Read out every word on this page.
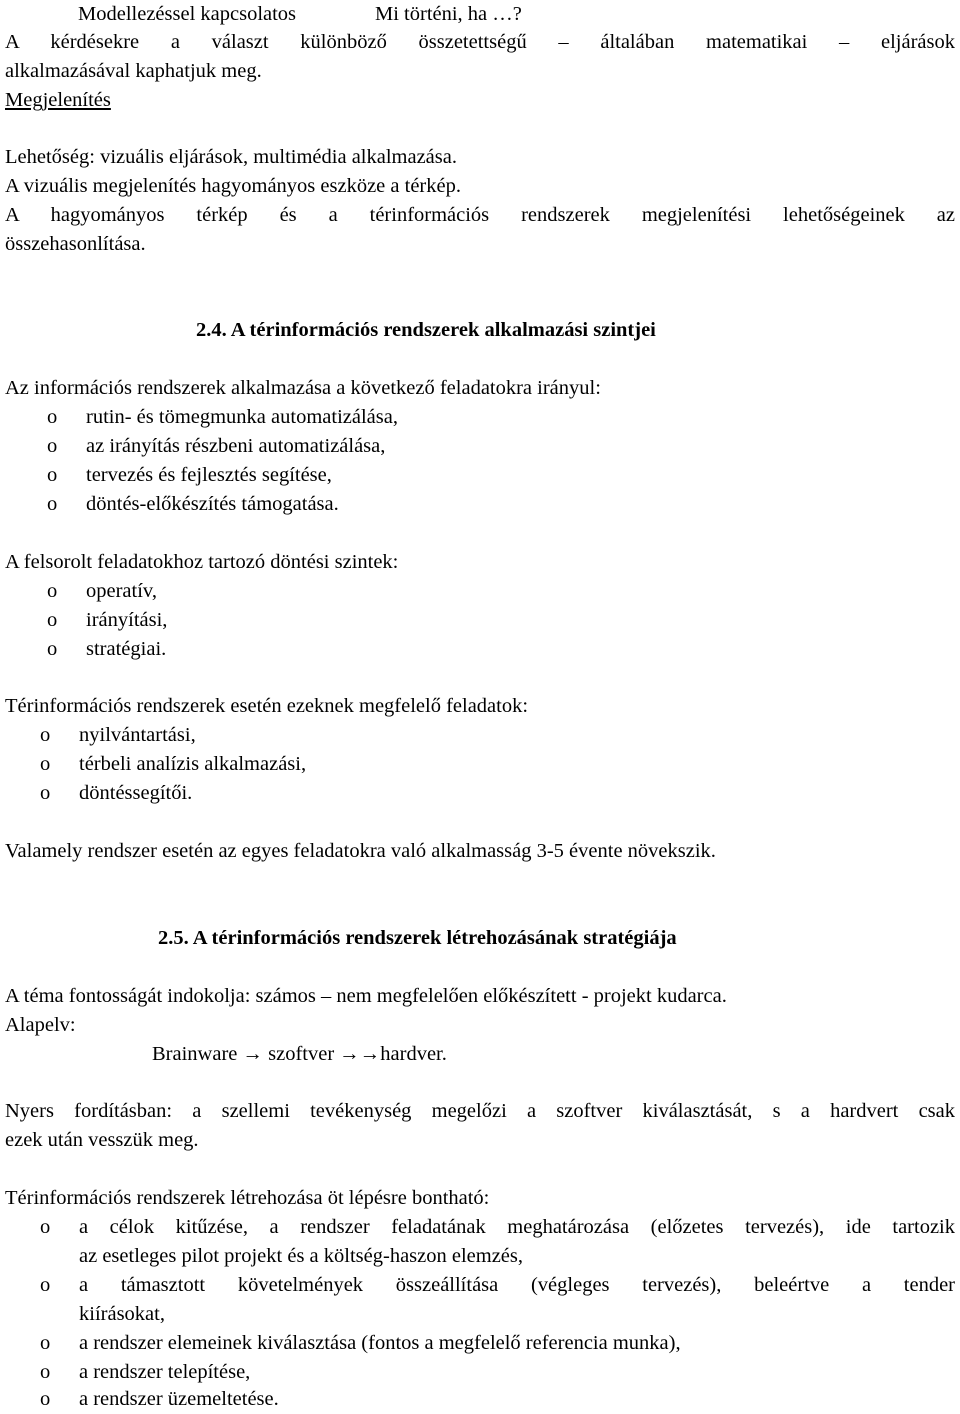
Modellezéssel kapcsolatos	Mi történi, ha …?
A kérdésekre a választ különböző összetettségű – általában matematikai – eljárások
alkalmazásával kaphatjuk meg.
Megjelenítés
Lehetőség: vizuális eljárások, multimédia alkalmazása.
A vizuális megjelenítés hagyományos eszköze a térkép.
A hagyományos térkép és a térinformációs rendszerek megjelenítési lehetőségeinek az
összehasonlítása.
2.4. A térinformációs rendszerek alkalmazási szintjei
Az információs rendszerek alkalmazása a következő feladatokra irányul:
o rutin- és tömegmunka automatizálása,
o az irányítás részbeni automatizálása,
o tervezés és fejlesztés segítése,
o döntés-előkészítés támogatása.
A felsorolt feladatokhoz tartozó döntési szintek:
o operatív,
o irányítási,
o stratégiai.
Térinformációs rendszerek esetén ezeknek megfelelő feladatok:
o nyilvántartási,
o térbeli analízis alkalmazási,
o döntéssegítői.
Valamely rendszer esetén az egyes feladatokra való alkalmasság 3-5 évente növekszik.
2.5. A térinformációs rendszerek létrehozásának stratégiája
A téma fontosságát indokolja: számos – nem megfelelően előkészített - projekt kudarca.
Alapelv:
Brainware → szoftver →→hardver.
Nyers fordításban: a szellemi tevékenység megelőzi a szoftver kiválasztását, s a hardvert csak
ezek után vesszük meg.
Térinformációs rendszerek létrehozása öt lépésre bontható:
o a célok kitűzése, a rendszer feladatának meghatározása (előzetes tervezés), ide tartozik
az esetleges pilot projekt és a költség-haszon elemzés,
o a támasztott követelmények összeállítása (végleges tervezés), beleértve a tender
kiírásokat,
o a rendszer elemeinek kiválasztása (fontos a megfelelő referencia munka),
o a rendszer telepítése,
o a rendszer üzemeltetése.
